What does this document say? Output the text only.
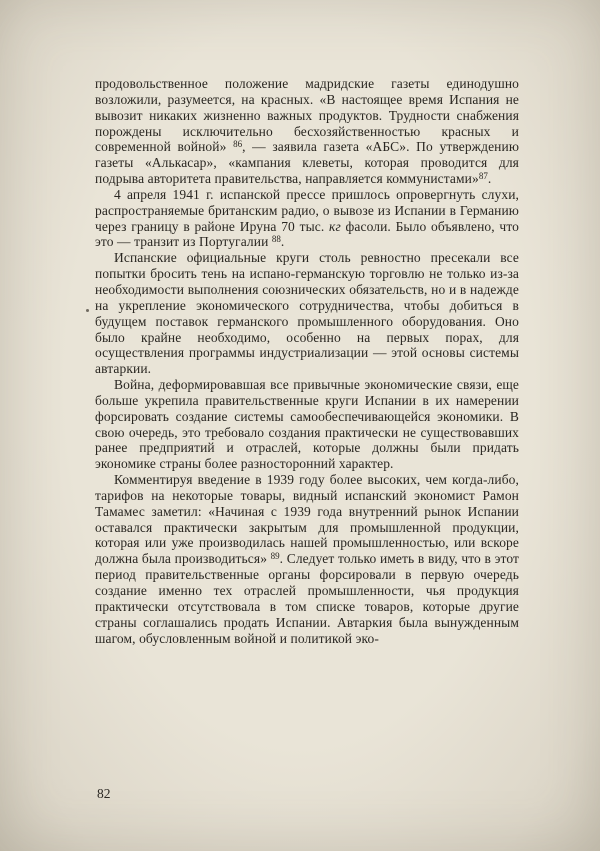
продовольственное положение мадридские газеты единодушно возложили, разумеется, на красных. «В настоящее время Испания не вывозит никаких жизненно важных продуктов. Трудности снабжения порождены исключительно бесхозяйственностью красных и современной войной» $^{86}$, — заявила газета «АБС». По утверждению газеты «Алькасар», «кампания клеветы, которая проводится для подрыва авторитета правительства, направляется коммунистами»$^{87}$.

4 апреля 1941 г. испанской прессе пришлось опровергнуть слухи, распространяемые британским радио, о вывозе из Испании в Германию через границу в районе Ируна 70 тыс. кг фасоли. Было объявлено, что это — транзит из Португалии $^{88}$.

Испанские официальные круги столь ревностно пресекали все попытки бросить тень на испано-германскую торговлю не только из-за необходимости выполнения союзнических обязательств, но и в надежде на укрепление экономического сотрудничества, чтобы добиться в будущем поставок германского промышленного оборудования. Оно было крайне необходимо, особенно на первых порах, для осуществления программы индустриализации — этой основы системы автаркии.

Война, деформировавшая все привычные экономические связи, еще больше укрепила правительственные круги Испании в их намерении форсировать создание системы самообеспечивающейся экономики. В свою очередь, это требовало создания практически не существовавших ранее предприятий и отраслей, которые должны были придать экономике страны более разносторонний характер.

Комментируя введение в 1939 году более высоких, чем когда-либо, тарифов на некоторые товары, видный испанский экономист Рамон Тамамес заметил: «Начиная с 1939 года внутренний рынок Испании оставался практически закрытым для промышленной продукции, которая или уже производилась нашей промышленностью, или вскоре должна была производиться» $^{89}$. Следует только иметь в виду, что в этот период правительственные органы форсировали в первую очередь создание именно тех отраслей промышленности, чья продукция практически отсутствовала в том списке товаров, которые другие страны соглашались продать Испании. Автаркия была вынужденным шагом, обусловленным войной и политикой эко-

82
